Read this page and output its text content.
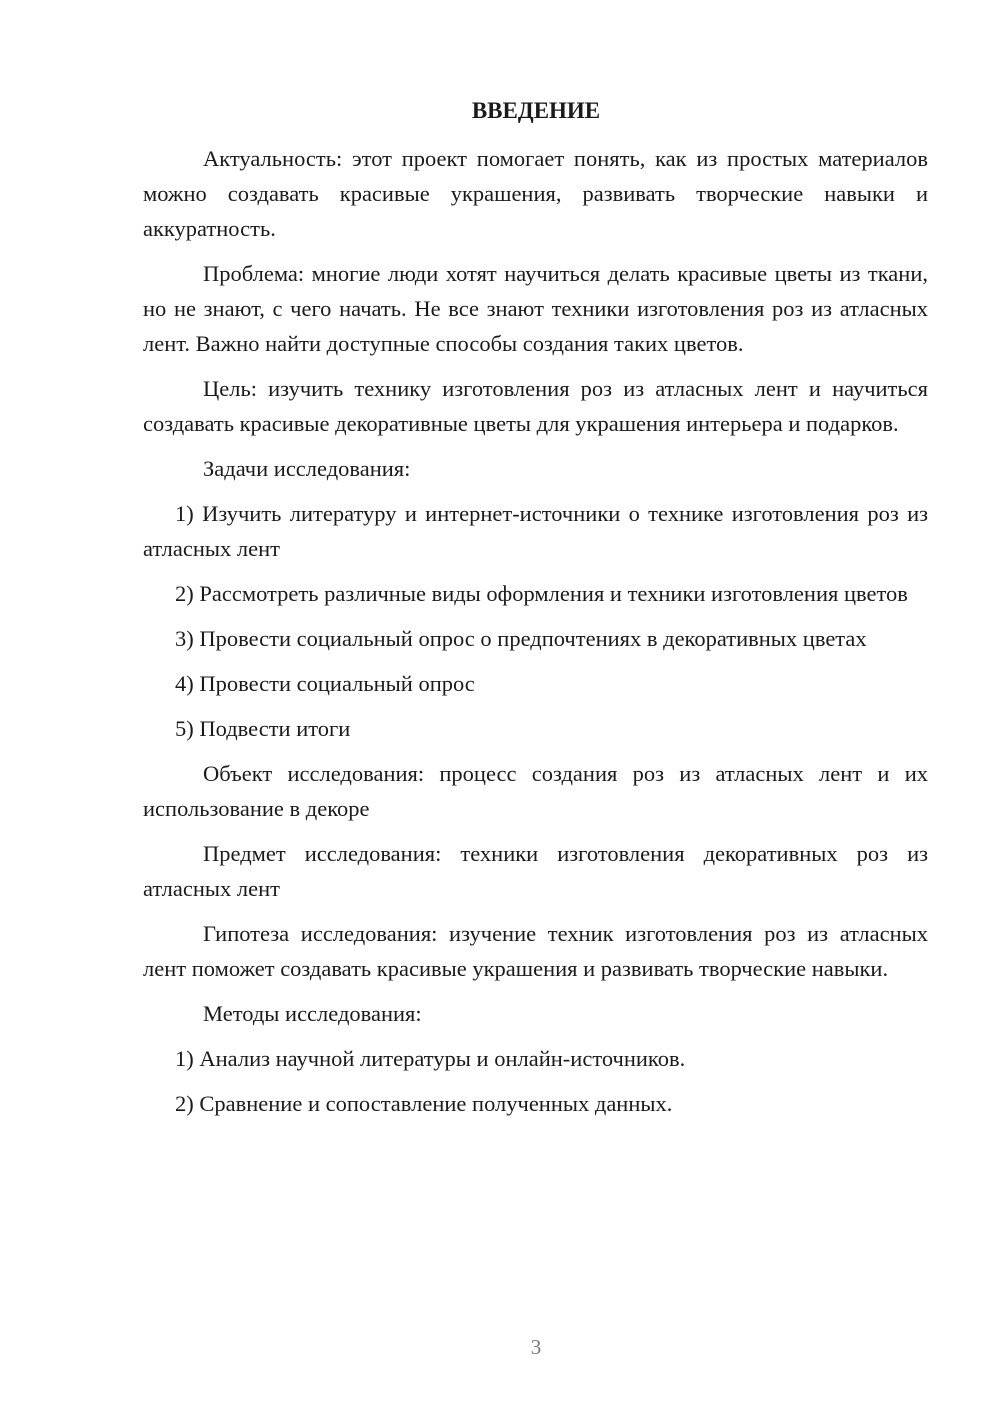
ВВЕДЕНИЕ

Актуальность: этот проект помогает понять, как из простых материалов можно создавать красивые украшения, развивать творческие навыки и аккуратность.

Проблема: многие люди хотят научиться делать красивые цветы из ткани, но не знают, с чего начать. Не все знают техники изготовления роз из атласных лент. Важно найти доступные способы создания таких цветов.

Цель: изучить технику изготовления роз из атласных лент и научиться создавать красивые декоративные цветы для украшения интерьера и подарков.

Задачи исследования:

1) Изучить литературу и интернет-источники о технике изготовления роз из атласных лент

2) Рассмотреть различные виды оформления и техники изготовления цветов

3) Провести социальный опрос о предпочтениях в декоративных цветах

4) Провести социальный опрос

5) Подвести итоги

Объект исследования: процесс создания роз из атласных лент и их использование в декоре

Предмет исследования: техники изготовления декоративных роз из атласных лент

Гипотеза исследования: изучение техник изготовления роз из атласных лент поможет создавать красивые украшения и развивать творческие навыки.

Методы исследования:

1) Анализ научной литературы и онлайн-источников.

2) Сравнение и сопоставление полученных данных.

3
